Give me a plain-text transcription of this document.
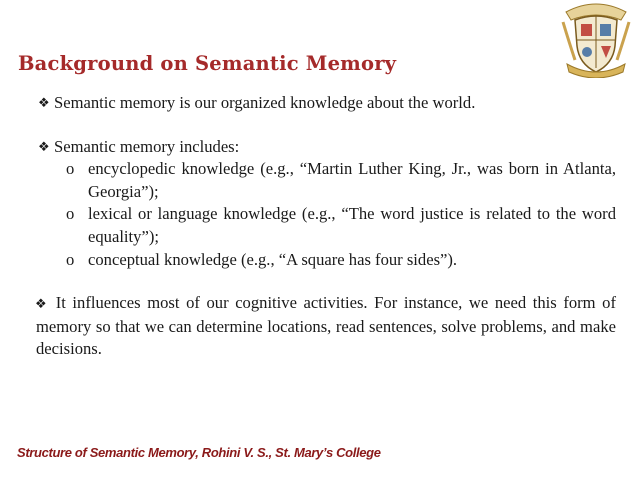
Background on Semantic Memory
❖ Semantic memory is our organized knowledge about the world.
❖ Semantic memory includes:
o encyclopedic knowledge (e.g., “Martin Luther King, Jr., was born in Atlanta, Georgia”);
o lexical or language knowledge (e.g., “The word justice is related to the word equality”);
o conceptual knowledge (e.g., “A square has four sides”).
❖ It influences most of our cognitive activities. For instance, we need this form of memory so that we can determine locations, read sentences, solve problems, and make decisions.

Structure of Semantic Memory, Rohini V. S., St. Mary’s College
